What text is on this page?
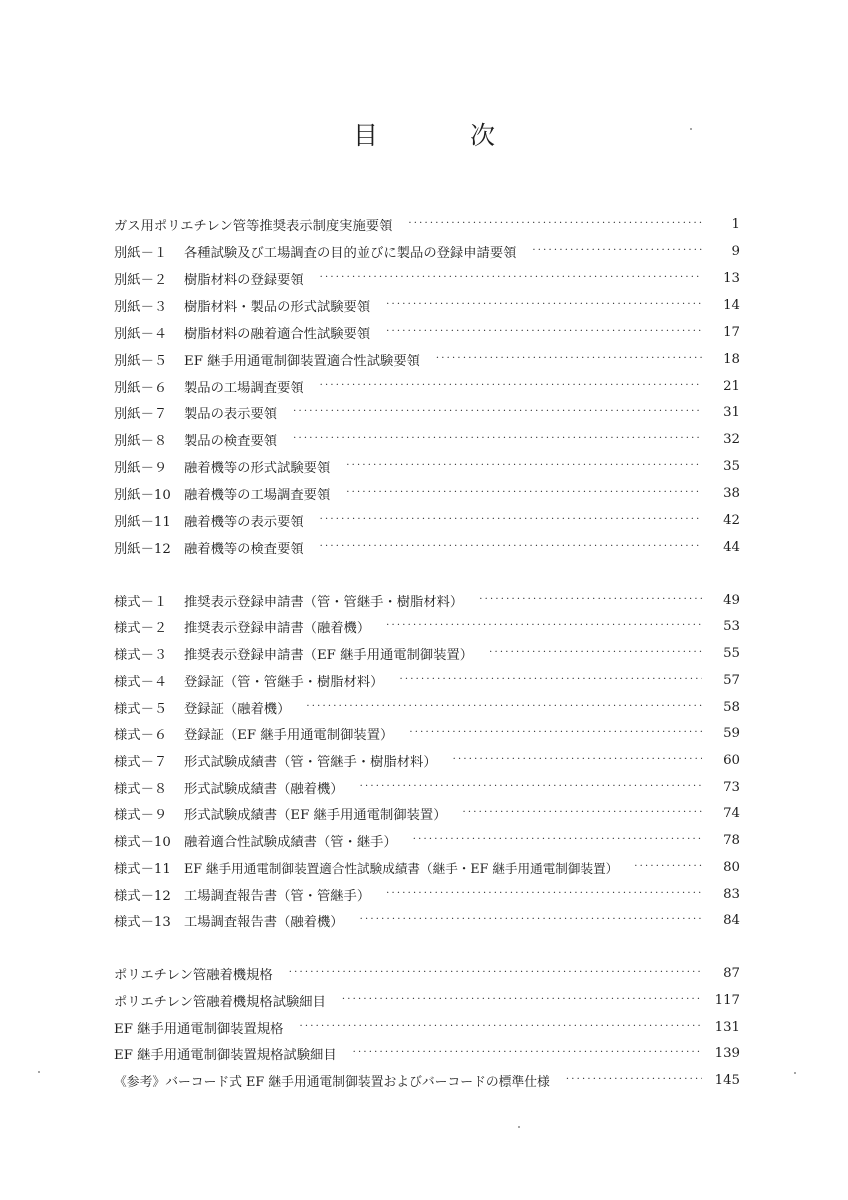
目	次
ガス用ポリエチレン管等推奨表示制度実施要領 ·····	1
別紙－１	各種試験及び工場調査の目的並びに製品の登録申請要領 ·····	9
別紙－２	樹脂材料の登録要領 ·····	13
別紙－３	樹脂材料・製品の形式試験要領 ·····	14
別紙－４	樹脂材料の融着適合性試験要領 ·····	17
別紙－５	EF 継手用通電制御装置適合性試験要領 ·····	18
別紙－６	製品の工場調査要領 ·····	21
別紙－７	製品の表示要領 ·····	31
別紙－８	製品の検査要領 ·····	32
別紙－９	融着機等の形式試験要領 ·····	35
別紙－10 融着機等の工場調査要領 ·····	38
別紙－11 融着機等の表示要領 ·····	42
別紙－12 融着機等の検査要領 ·····	44
様式－１	推奨表示登録申請書（管・管継手・樹脂材料） ·····	49
様式－２	推奨表示登録申請書（融着機） ·····	53
様式－３	推奨表示登録申請書（EF 継手用通電制御装置） ·····	55
様式－４	登録証（管・管継手・樹脂材料） ·····	57
様式－５	登録証（融着機） ·····	58
様式－６	登録証（EF 継手用通電制御装置） ·····	59
様式－７	形式試験成績書（管・管継手・樹脂材料） ·····	60
様式－８	形式試験成績書（融着機） ·····	73
様式－９	形式試験成績書（EF 継手用通電制御装置） ·····	74
様式－10 融着適合性試験成績書（管・継手） ·····	78
様式－11	EF 継手用通電制御装置適合性試験成績書（継手・EF 継手用通電制御装置） ·····	80
様式－12 工場調査報告書（管・管継手） ·····	83
様式－13 工場調査報告書（融着機） ·····	84
ポリエチレン管融着機規格 ·····	87
ポリエチレン管融着機規格試験細目 ·····	117
EF 継手用通電制御装置規格 ·····	131
EF 継手用通電制御装置規格試験細目 ·····	139
《参考》バーコード式 EF 継手用通電制御装置およびバーコードの標準仕様 ·····	145
